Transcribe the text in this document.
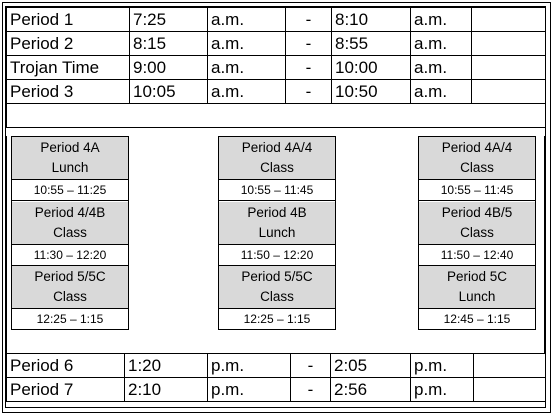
Period 1	7:25	a.m.	-	8:10	a.m.	
Period 2	8:15	a.m.	-	8:55	a.m.	
Trojan Time	9:00	a.m.	-	10:00	a.m.	
Period 3	10:05	a.m.	-	10:50	a.m.	

Period 4A
Lunch
10:55 – 11:25
Period 4/4B
Class
11:30 – 12:20
Period 5/5C
Class
12:25 – 1:15
Period 4A/4
Class
10:55 – 11:45
Period 4B
Lunch
11:50 – 12:20
Period 5/5C
Class
12:25 – 1:15
Period 4A/4
Class
10:55 – 11:45
Period 4B/5
Class
11:50 – 12:40
Period 5C
Lunch
12:45 – 1:15
Period 6	1:20	p.m.	-	2:05	p.m.	
Period 7	2:10	p.m.	-	2:56	p.m.	
